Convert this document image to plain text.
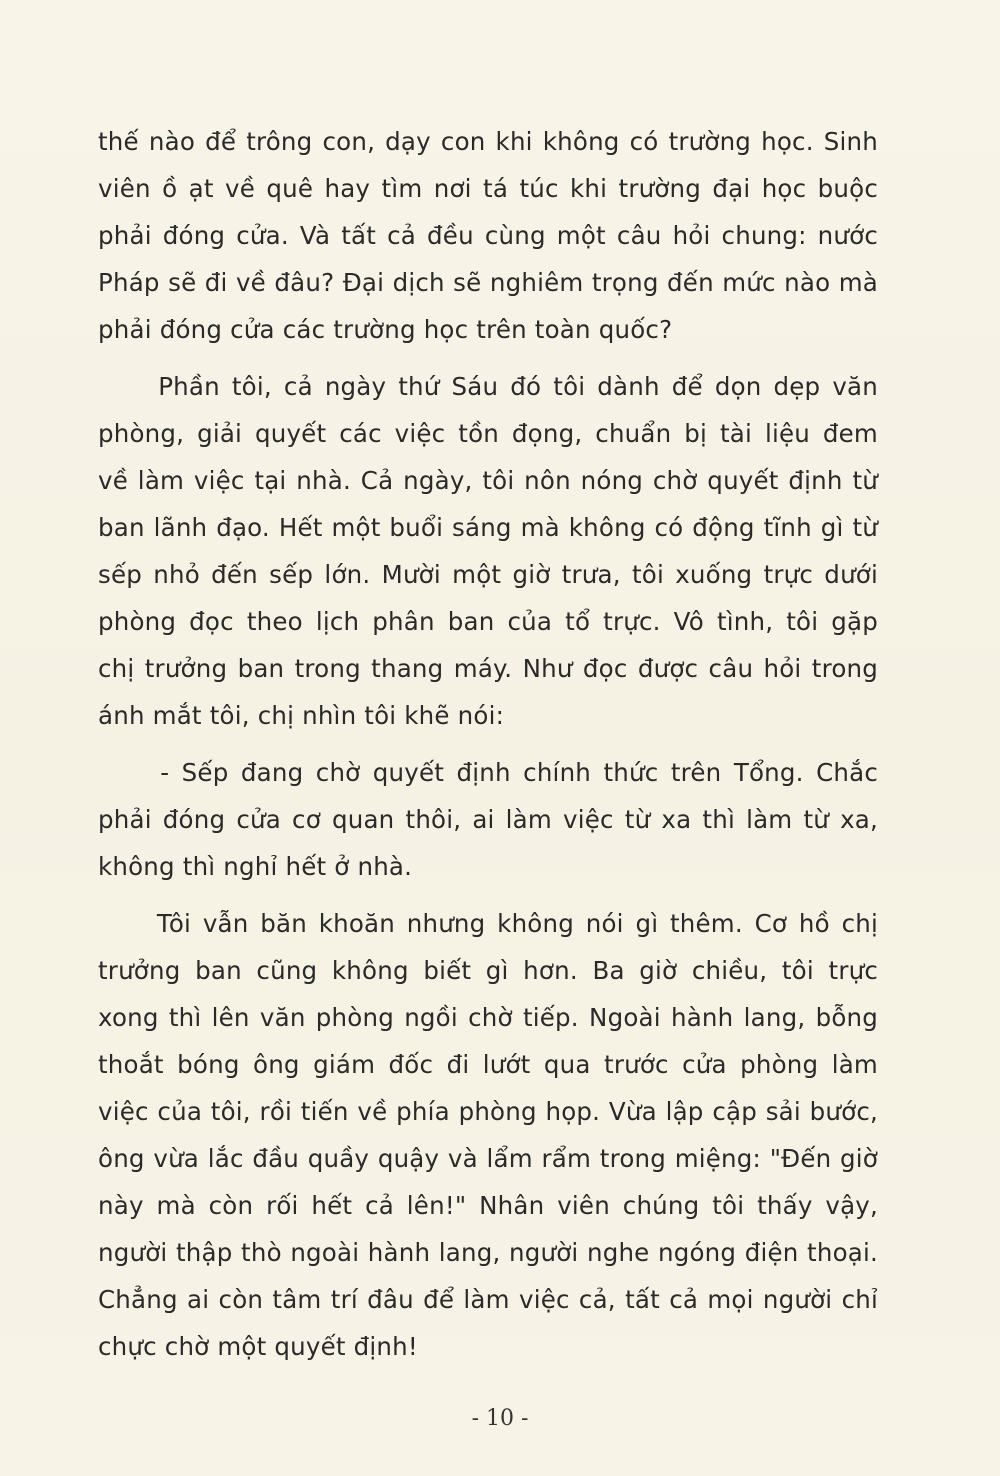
thế nào để trông con, dạy con khi không có trường học. Sinh
viên ồ ạt về quê hay tìm nơi tá túc khi trường đại học buộc
phải đóng cửa. Và tất cả đều cùng một câu hỏi chung: nước
Pháp sẽ đi về đâu? Đại dịch sẽ nghiêm trọng đến mức nào mà
phải đóng cửa các trường học trên toàn quốc?
Phần tôi, cả ngày thứ Sáu đó tôi dành để dọn dẹp văn
phòng, giải quyết các việc tồn đọng, chuẩn bị tài liệu đem
về làm việc tại nhà. Cả ngày, tôi nôn nóng chờ quyết định từ
ban lãnh đạo. Hết một buổi sáng mà không có động tĩnh gì từ
sếp nhỏ đến sếp lớn. Mười một giờ trưa, tôi xuống trực dưới
phòng đọc theo lịch phân ban của tổ trực. Vô tình, tôi gặp
chị trưởng ban trong thang máy. Như đọc được câu hỏi trong
ánh mắt tôi, chị nhìn tôi khẽ nói:
- Sếp đang chờ quyết định chính thức trên Tổng. Chắc
phải đóng cửa cơ quan thôi, ai làm việc từ xa thì làm từ xa,
không thì nghỉ hết ở nhà.
Tôi vẫn băn khoăn nhưng không nói gì thêm. Cơ hồ chị
trưởng ban cũng không biết gì hơn. Ba giờ chiều, tôi trực
xong thì lên văn phòng ngồi chờ tiếp. Ngoài hành lang, bỗng
thoắt bóng ông giám đốc đi lướt qua trước cửa phòng làm
việc của tôi, rồi tiến về phía phòng họp. Vừa lập cập sải bước,
ông vừa lắc đầu quầy quậy và lẩm rẩm trong miệng: "Đến giờ
này mà còn rối hết cả lên!" Nhân viên chúng tôi thấy vậy,
người thập thò ngoài hành lang, người nghe ngóng điện thoại.
Chẳng ai còn tâm trí đâu để làm việc cả, tất cả mọi người chỉ
chực chờ một quyết định!
- 10 -
